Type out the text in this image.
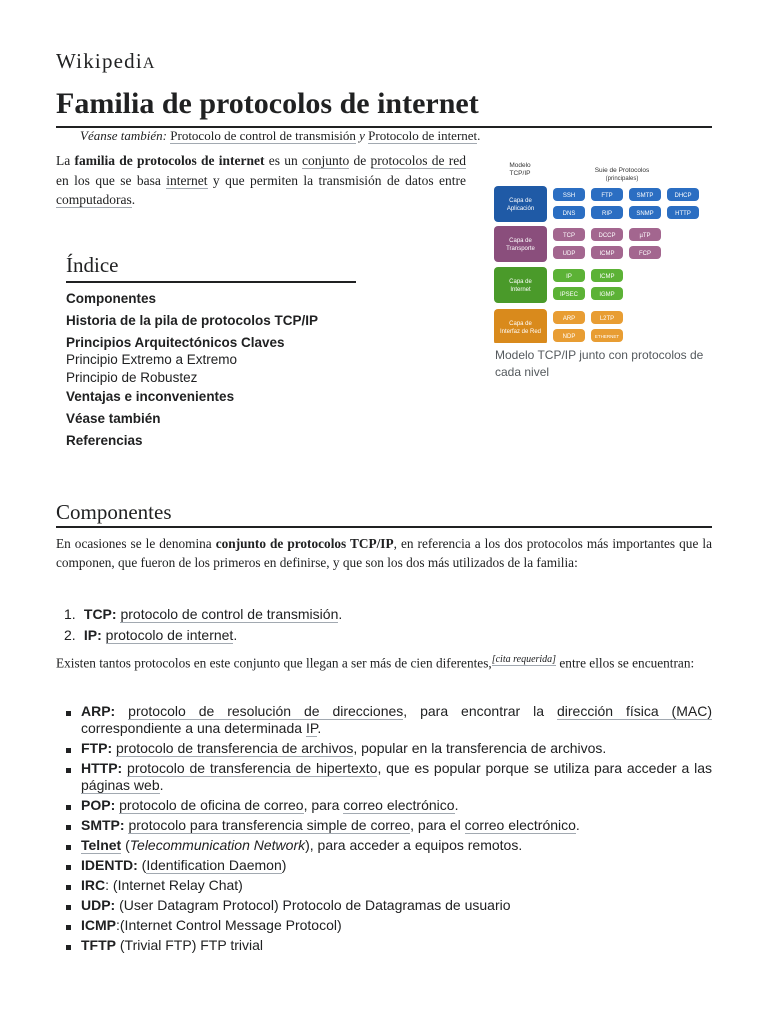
WikipediA
Familia de protocolos de internet
Véanse también: Protocolo de control de transmisión y Protocolo de internet.

La familia de protocolos de internet es un conjunto de protocolos de red en los que se basa internet y que permiten la transmisión de datos entre computadoras.

Modelo
TCP/IP	Suie de Protocolos
(principales)
Capa de
Aplicación
SSH	FTP	SMTP	DHCP
DNS	RIP	SNMP	HTTP
Capa de
Transporte
TCP	DCCP	µTP
UDP	ICMP	FCP
Capa de
Internet
IP	ICMP
IPSEC	IGMP
Capa de
Interfaz de Red
ARP	L2TP
NDP	ETHERNET
Modelo TCP/IP junto con protocolos de cada nivel
Índice
Componentes
Historia de la pila de protocolos TCP/IP
Principios Arquitectónicos Claves
Principio Extremo a Extremo
Principio de Robustez
Ventajas e inconvenientes
Véase también
Referencias
Componentes

En ocasiones se le denomina conjunto de protocolos TCP/IP, en referencia a los dos protocolos más importantes que la componen, que fueron de los primeros en definirse, y que son los dos más utilizados de la familia:

1. TCP: protocolo de control de transmisión.
2. IP: protocolo de internet.

Existen tantos protocolos en este conjunto que llegan a ser más de cien diferentes,[cita requerida] entre ellos se encuentran:

ARP: protocolo de resolución de direcciones, para encontrar la dirección física (MAC) correspondiente a una determinada IP.
FTP: protocolo de transferencia de archivos, popular en la transferencia de archivos.
HTTP: protocolo de transferencia de hipertexto, que es popular porque se utiliza para acceder a las páginas web.
POP: protocolo de oficina de correo, para correo electrónico.
SMTP: protocolo para transferencia simple de correo, para el correo electrónico.
Telnet (Telecommunication Network), para acceder a equipos remotos.
IDENTD: (Identification Daemon)
IRC: (Internet Relay Chat)
UDP: (User Datagram Protocol) Protocolo de Datagramas de usuario
ICMP:(Internet Control Message Protocol)
TFTP (Trivial FTP) FTP trivial
